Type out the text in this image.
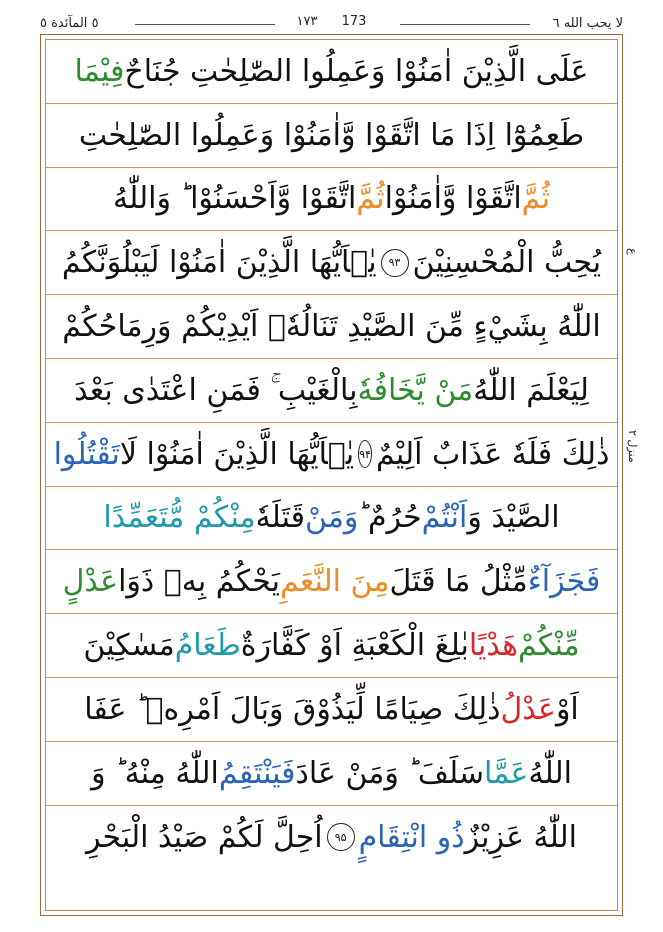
٥ المآئدة ٥	١٧٣ 173	لا يحب الله ٦
عَلَى الَّذِيْنَ اٰمَنُوْا وَعَمِلُوا الصّٰلِحٰتِ جُنَاحٌ
فِيْمَا
طَعِمُوْٓا اِذَا مَا اتَّقَوْا وَّاٰمَنُوْا وَعَمِلُوا الصّٰلِحٰتِ
ثُمَّ
اتَّقَوْا وَّاٰمَنُوْا
ثُمَّ
اتَّقَوْا وَّاَحْسَنُوْا ؕ وَاللّٰهُ
يُحِبُّ الْمُحْسِنِيْنَ
۹۳
يٰۤاَيُّهَا الَّذِيْنَ اٰمَنُوْا لَيَبْلُوَنَّكُمُ
اللّٰهُ بِشَيْءٍ مِّنَ الصَّيْدِ تَنَالُهٗۤ اَيْدِيْكُمْ وَرِمَاحُكُمْ
لِيَعْلَمَ اللّٰهُ
مَنْ يَّخَافُهٗ
بِالْغَيْبِ ۚ فَمَنِ اعْتَدٰى بَعْدَ
ذٰلِكَ فَلَهٗ عَذَابٌ اَلِيْمٌ
۹۴
يٰۤاَيُّهَا الَّذِيْنَ اٰمَنُوْا لَا
تَقْتُلُوا
الصَّيْدَ وَ
اَنْتُمْ
حُرُمٌ ؕ
وَمَنْ
قَتَلَهٗ
مِنْكُمْ مُّتَعَمِّدًا
فَجَزَآءٌ
مِّثْلُ مَا قَتَلَ
مِنَ النَّعَمِ
يَحْكُمُ بِهٖ ذَوَا
عَدْلٍ
مِّنْكُمْ
هَدْيًا
بٰلِغَ الْكَعْبَةِ اَوْ كَفَّارَةٌ
طَعَامُ
مَسٰكِيْنَ
اَوْ
عَدْلُ
ذٰلِكَ صِيَامًا لِّيَذُوْقَ وَبَالَ اَمْرِهٖ ؕ عَفَا
اللّٰهُ
عَمَّا
سَلَفَ ؕ وَمَنْ عَادَ
فَيَنْتَقِمُ
اللّٰهُ مِنْهُ ؕ وَ
اللّٰهُ عَزِيْزٌ
ذُو انْتِقَامٍ
۹۵
اُحِلَّ لَكُمْ صَيْدُ الْبَحْرِ
ع
منزل ٢
